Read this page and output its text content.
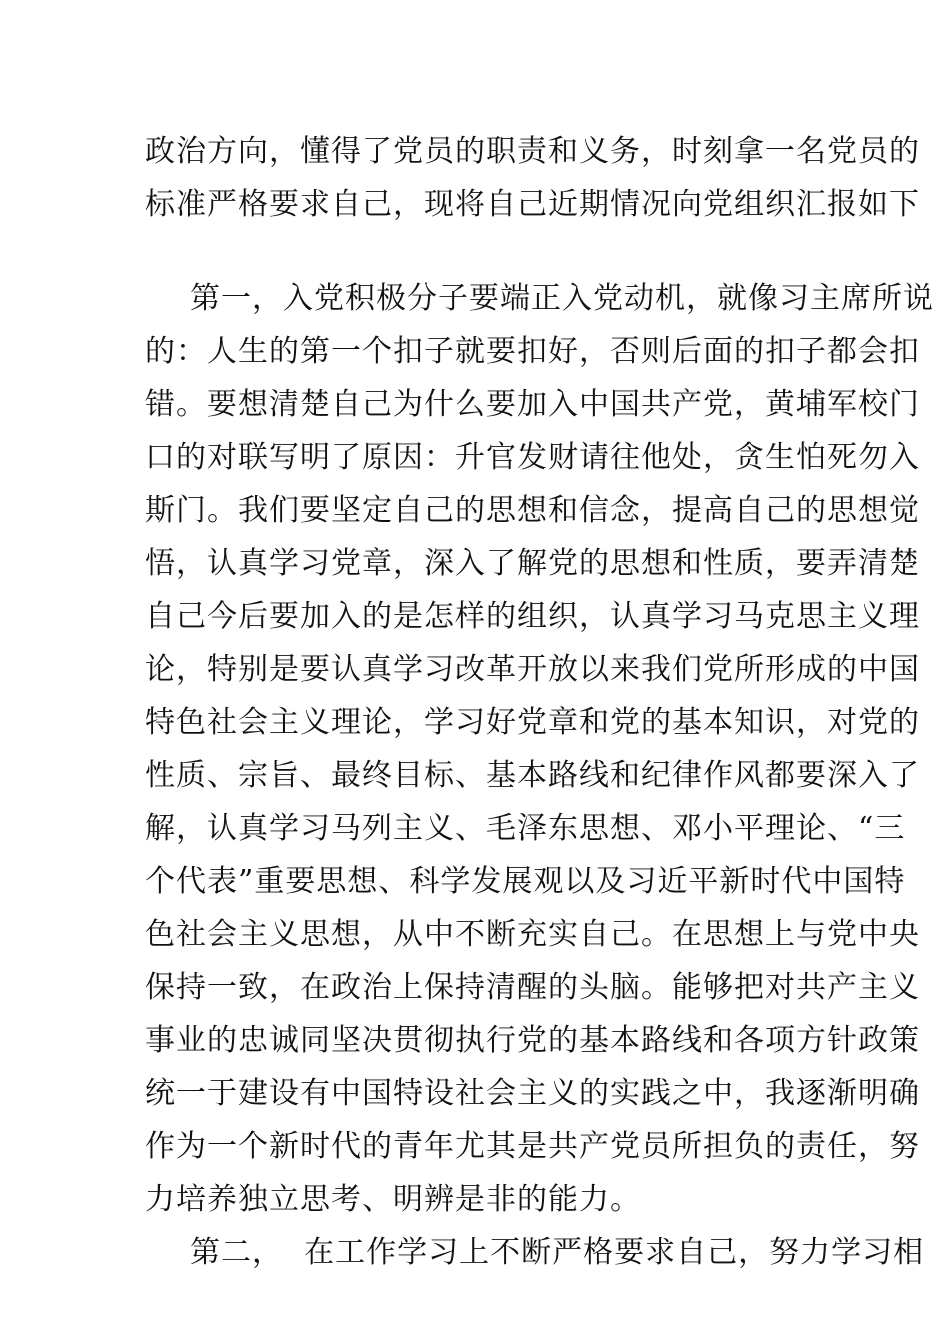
政治方向，懂得了党员的职责和义务，时刻拿一名党员的
标准严格要求自己，现将自己近期情况向党组织汇报如下
第一，入党积极分子要端正入党动机，就像习主席所说
的：人生的第一个扣子就要扣好，否则后面的扣子都会扣
错。要想清楚自己为什么要加入中国共产党，黄埔军校门
口的对联写明了原因：升官发财请往他处，贪生怕死勿入
斯门。我们要坚定自己的思想和信念，提高自己的思想觉
悟，认真学习党章，深入了解党的思想和性质，要弄清楚
自己今后要加入的是怎样的组织，认真学习马克思主义理
论，特别是要认真学习改革开放以来我们党所形成的中国
特色社会主义理论，学习好党章和党的基本知识，对党的
性质、宗旨、最终目标、基本路线和纪律作风都要深入了
解，认真学习马列主义、毛泽东思想、邓小平理论、“三
个代表”重要思想、科学发展观以及习近平新时代中国特
色社会主义思想，从中不断充实自己。在思想上与党中央
保持一致，在政治上保持清醒的头脑。能够把对共产主义
事业的忠诚同坚决贯彻执行党的基本路线和各项方针政策
统一于建设有中国特设社会主义的实践之中，我逐渐明确
作为一个新时代的青年尤其是共产党员所担负的责任，努
力培养独立思考、明辨是非的能力。
第二，  在工作学习上不断严格要求自己，努力学习相
